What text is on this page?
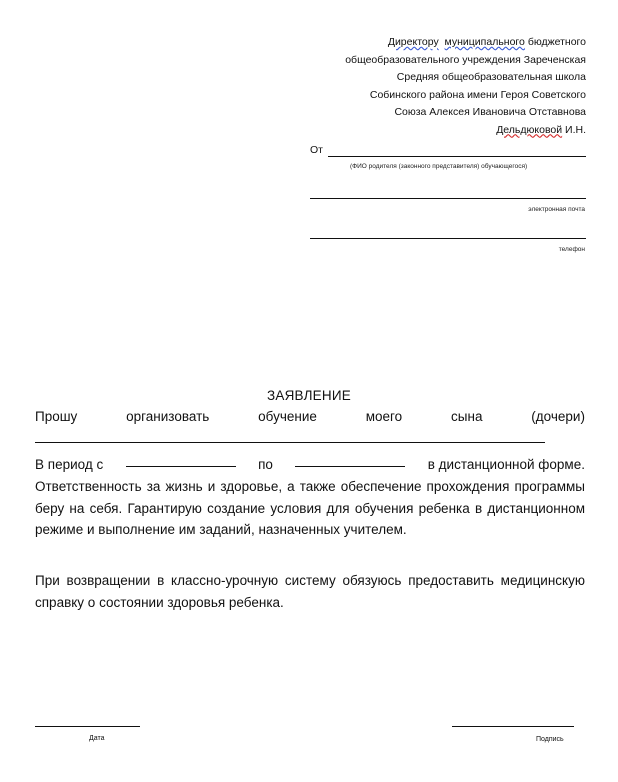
Директору муниципального бюджетного
общеобразовательного учреждения Зареченская
Средняя общеобразовательная школа
Собинского района имени Героя Советского
Союза Алексея Ивановича Отставнова
Дельдюковой И.Н.
От
(ФИО родителя (законного представителя) обучающегося)
электронная почта
телефон
ЗАЯВЛЕНИЕ
Прошу	организовать	обучение	моего	сына	(дочери)
В период с	по	в дистанционной форме.
Ответственность за жизнь и здоровье, а также обеспечение прохождения программы беру на себя. Гарантирую создание условия для обучения ребенка в дистанционном режиме и выполнение им заданий, назначенных учителем.
При возвращении в классно-урочную систему обязуюсь предоставить медицинскую справку о состоянии здоровья ребенка.
Дата	Подпись
